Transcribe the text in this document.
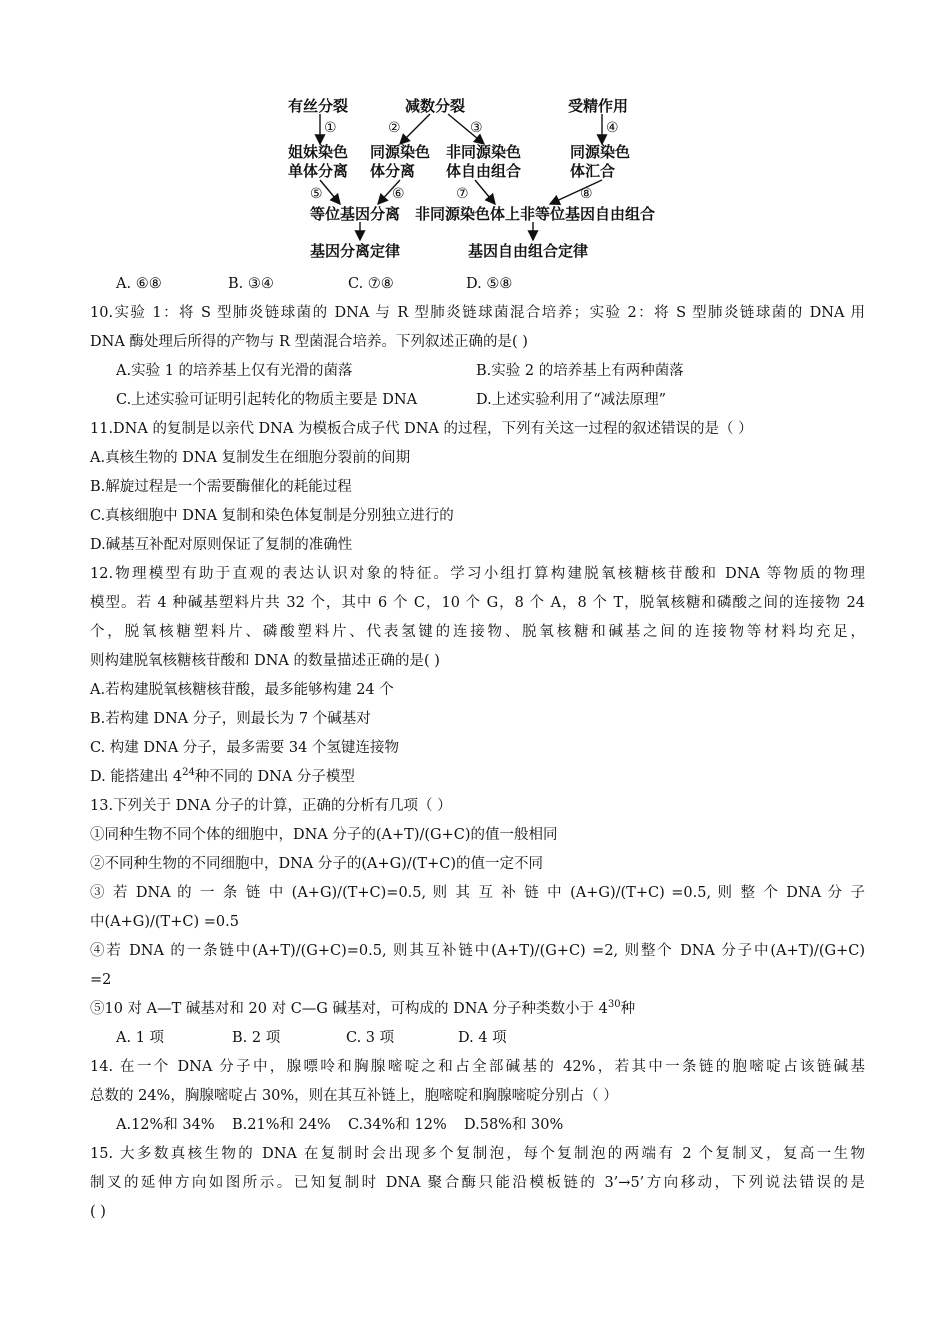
有丝分裂	减数分裂	受精作用
①	②	③	④
姐妹染色
单体分离
同源染色
体分离
非同源染色
体自由组合
同源染色
体汇合
⑤	⑥	⑦	⑧
等位基因分离 非同源染色体上非等位基因自由组合
基因分离定律	基因自由组合定律
A. ⑥⑧	B. ③④	C. ⑦⑧	D. ⑤⑧
10.实验 1：将 S 型肺炎链球菌的 DNA 与 R 型肺炎链球菌混合培养；实验 2：将 S 型肺炎链球菌的 DNA 用
DNA 酶处理后所得的产物与 R 型菌混合培养。下列叙述正确的是( )
A.实验 1 的培养基上仅有光滑的菌落	B.实验 2 的培养基上有两种菌落
C.上述实验可证明引起转化的物质主要是 DNA	D.上述实验利用了“减法原理”
11.DNA 的复制是以亲代 DNA 为模板合成子代 DNA 的过程，下列有关这一过程的叙述错误的是（ ）
A.真核生物的 DNA 复制发生在细胞分裂前的间期
B.解旋过程是一个需要酶催化的耗能过程
C.真核细胞中 DNA 复制和染色体复制是分别独立进行的
D.碱基互补配对原则保证了复制的准确性
12.物理模型有助于直观的表达认识对象的特征。学习小组打算构建脱氧核糖核苷酸和 DNA 等物质的物理
模型。若 4 种碱基塑料片共 32 个，其中 6 个 C，10 个 G，8 个 A，8 个 T，脱氧核糖和磷酸之间的连接物 24
个，脱氧核糖塑料片、磷酸塑料片、代表氢键的连接物、脱氧核糖和碱基之间的连接物等材料均充足，
则构建脱氧核糖核苷酸和 DNA 的数量描述正确的是( )
A.若构建脱氧核糖核苷酸，最多能够构建 24 个
B.若构建 DNA 分子，则最长为 7 个碱基对
C. 构建 DNA 分子，最多需要 34 个氢键连接物
D. 能搭建出 $4^{24}$种不同的 DNA 分子模型
13.下列关于 DNA 分子的计算，正确的分析有几项（ ）
①同种生物不同个体的细胞中，DNA 分子的(A+T)/(G+C)的值一般相同
②不同种生物的不同细胞中，DNA 分子的(A+G)/(T+C)的值一定不同
③ 若 DNA 的 一 条 链 中 (A+G)/(T+C)=0.5, 则 其 互 补 链 中 (A+G)/(T+C) =0.5, 则 整 个 DNA 分 子
中(A+G)/(T+C) =0.5
④若 DNA 的一条链中(A+T)/(G+C)=0.5, 则其互补链中(A+T)/(G+C) =2, 则整个 DNA 分子中(A+T)/(G+C)
=2
⑤10 对 A—T 碱基对和 20 对 C—G 碱基对，可构成的 DNA 分子种类数小于 $4^{30}$种
A. 1 项	B. 2 项	C. 3 项	D. 4 项
14. 在一个 DNA 分子中，腺嘌呤和胸腺嘧啶之和占全部碱基的 42%，若其中一条链的胞嘧啶占该链碱基
总数的 24%，胸腺嘧啶占 30%，则在其互补链上，胞嘧啶和胸腺嘧啶分别占（ ）
A.12%和 34% B.21%和 24% C.34%和 12% D.58%和 30%
15. 大多数真核生物的 DNA 在复制时会出现多个复制泡，每个复制泡的两端有 2 个复制叉，复高一生物
制叉的延伸方向如图所示。已知复制时 DNA 聚合酶只能沿模板链的 3’→5’方向移动，下列说法错误的是
( )
